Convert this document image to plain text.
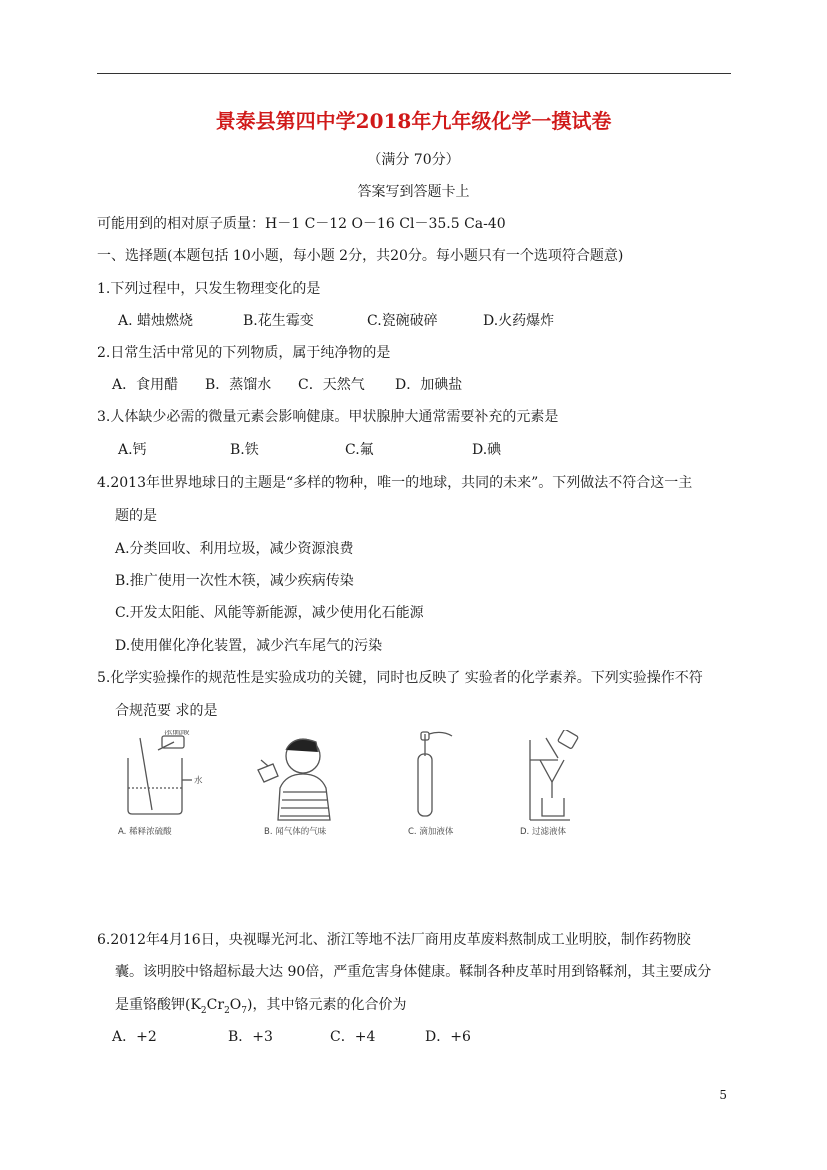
景泰县第四中学2018年九年级化学一摸试卷
（满分 70分）
答案写到答题卡上
可能用到的相对原子质量：H－1 C－12 O－16 Cl－35.5 Ca-40
一、选择题(本题包括 10小题，每小题 2分，共20分。每小题只有一个选项符合题意)
1.下列过程中，只发生物理变化的是
A. 蜡烛燃烧	B.花生霉变	C.瓷碗破碎	D.火药爆炸
2.日常生活中常见的下列物质，属于纯净物的是
A．食用醋 B．蒸馏水 C．天然气 D．加碘盐
3.人体缺少必需的微量元素会影响健康。甲状腺肿大通常需要补充的元素是
A.钙	B.铁	C.氟	D.碘
4.2013年世界地球日的主题是“多样的物种，唯一的地球，共同的未来”。下列做法不符合这一主
题的是
A.分类回收、利用垃圾，减少资源浪费
B.推广使用一次性木筷，减少疾病传染
C.开发太阳能、风能等新能源，减少使用化石能源
D.使用催化净化装置，减少汽车尾气的污染
5.化学实验操作的规范性是实验成功的关键，同时也反映了 实验者的化学素养。下列实验操作不符
合规范要 求的是
浓硫酸
水
A. 稀释浓硫酸	B. 闻气体的气味	C. 滴加液体	D. 过滤液体
6.2012年4月16日，央视曝光河北、浙江等地不法厂商用皮革废料熬制成工业明胶，制作药物胶
囊。该明胶中铬超标最大达 90倍，严重危害身体健康。鞣制各种皮革时用到铬鞣剂，其主要成分
是重铬酸钾$(K_2Cr_2O_7)$，其中铬元素的化合价为
A．+2	B．+3	C．+4	D．+6
5
